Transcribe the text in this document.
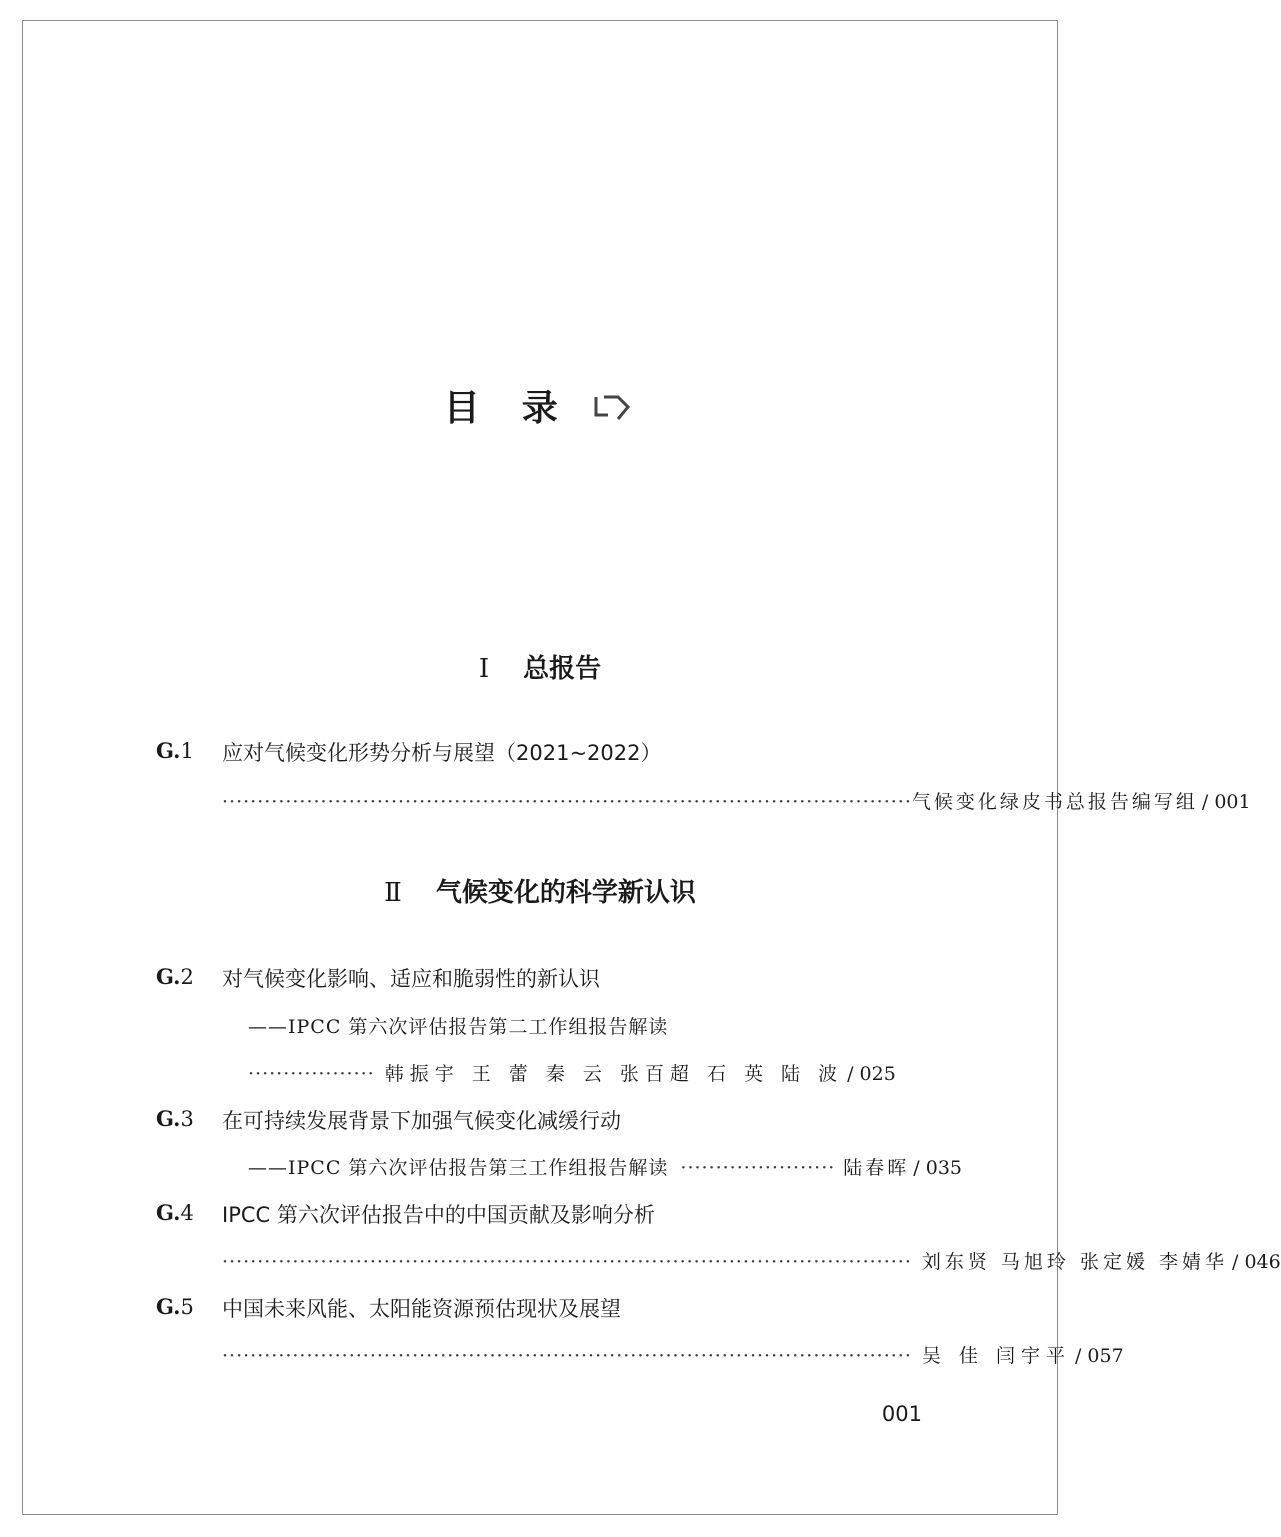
目 录
Ⅰ 总报告
G.1 应对气候变化形势分析与展望（2021~2022）
·································································································· 气候变化绿皮书总报告编写组 / 001
Ⅱ 气候变化的科学新认识
G.2 对气候变化影响、适应和脆弱性的新认识
——IPCC 第六次评估报告第二工作组报告解读
·················· 韩振宇 王 蕾 秦 云 张百超 石 英 陆 波 / 025
G.3 在可持续发展背景下加强气候变化减缓行动
——IPCC 第六次评估报告第三工作组报告解读 ······················ 陆春晖 / 035
G.4 IPCC 第六次评估报告中的中国贡献及影响分析
·································································································· 刘东贤 马旭玲 张定媛 李婧华 / 046
G.5 中国未来风能、太阳能资源预估现状及展望
·································································································· 吴 佳 闫宇平 / 057
001
